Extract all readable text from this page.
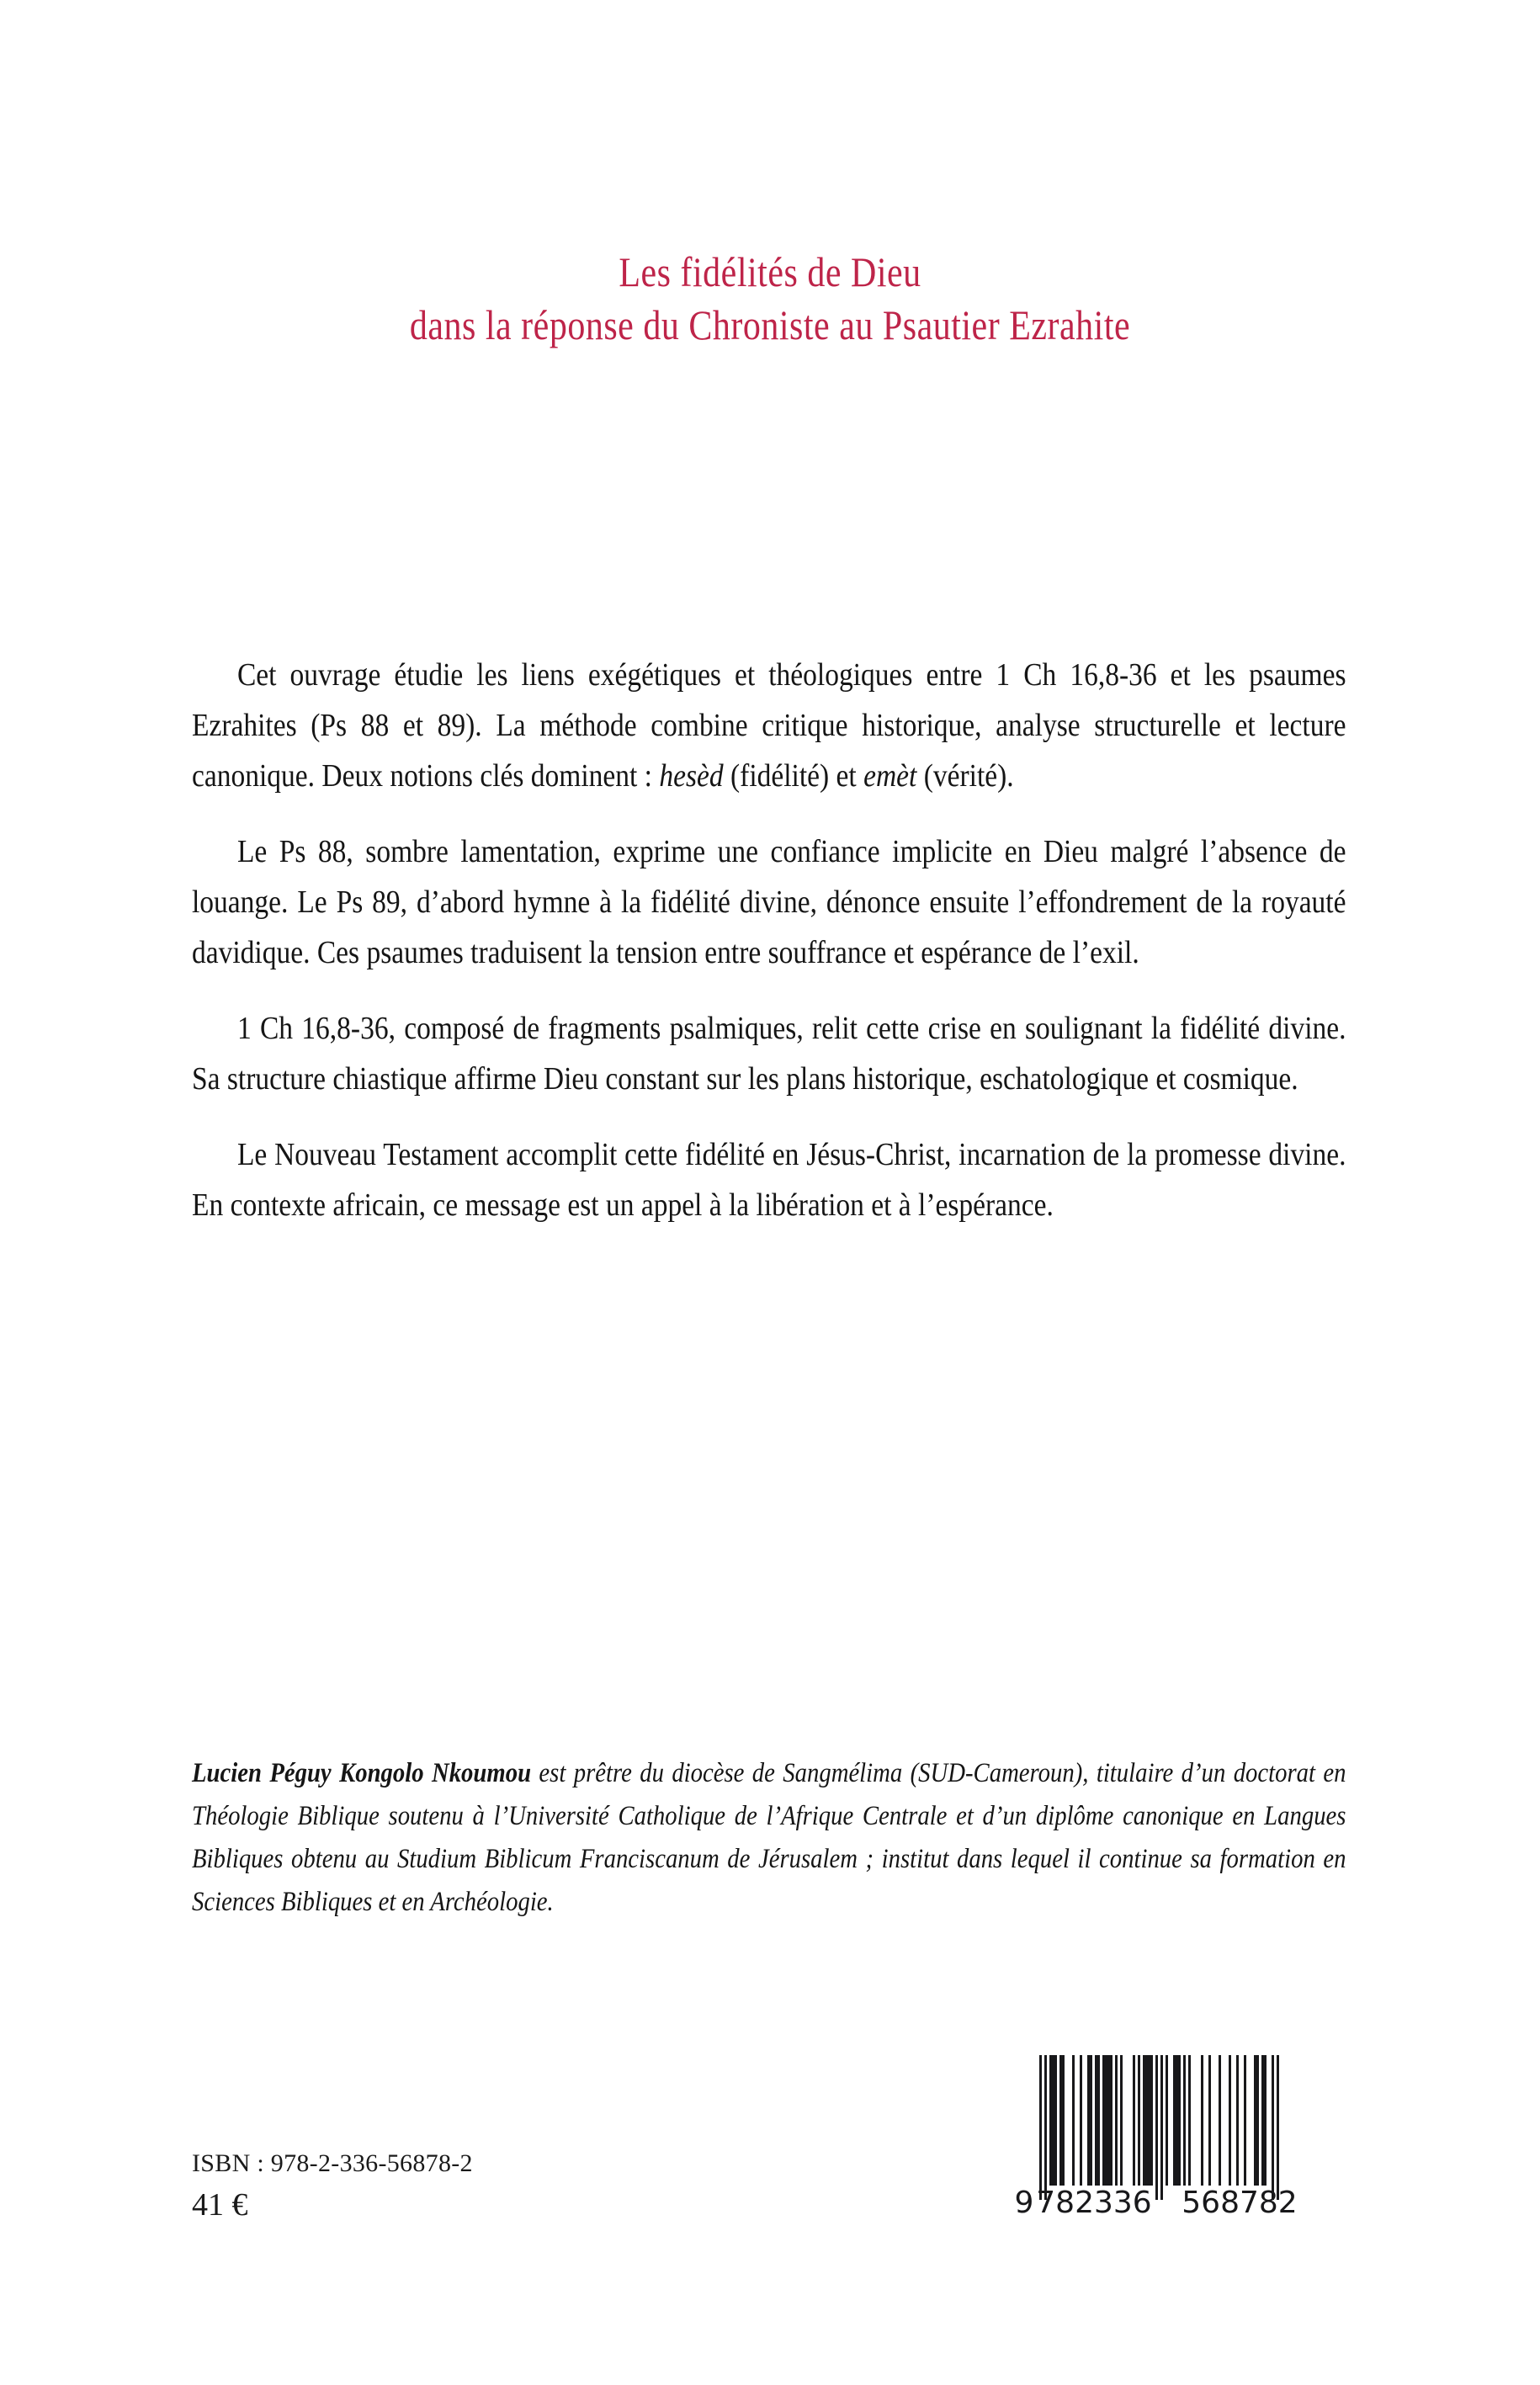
Les fidélités de Dieu
dans la réponse du Chroniste au Psautier Ezrahite

Cet ouvrage étudie les liens exégétiques et théologiques entre 1 Ch 16,8-36 et les psaumes Ezrahites (Ps 88 et 89). La méthode combine critique historique, analyse structurelle et lecture canonique. Deux notions clés dominent : hesèd (fidélité) et emèt (vérité).

Le Ps 88, sombre lamentation, exprime une confiance implicite en Dieu malgré l’absence de louange. Le Ps 89, d’abord hymne à la fidélité divine, dénonce ensuite l’effondrement de la royauté davidique. Ces psaumes traduisent la tension entre souffrance et espérance de l’exil.

1 Ch 16,8-36, composé de fragments psalmiques, relit cette crise en soulignant la fidélité divine. Sa structure chiastique affirme Dieu constant sur les plans historique, eschatologique et cosmique.

Le Nouveau Testament accomplit cette fidélité en Jésus-Christ, incarnation de la promesse divine. En contexte africain, ce message est un appel à la libération et à l’espérance.

Lucien Péguy Kongolo Nkoumou est prêtre du diocèse de Sangmélima (SUD-Cameroun), titulaire d’un doctorat en Théologie Biblique soutenu à l’Université Catholique de l’Afrique Centrale et d’un diplôme canonique en Langues Bibliques obtenu au Studium Biblicum Franciscanum de Jérusalem ; institut dans lequel il continue sa formation en Sciences Bibliques et en Archéologie.

ISBN : 978-2-336-56878-2
41 €	9 782336 568782
